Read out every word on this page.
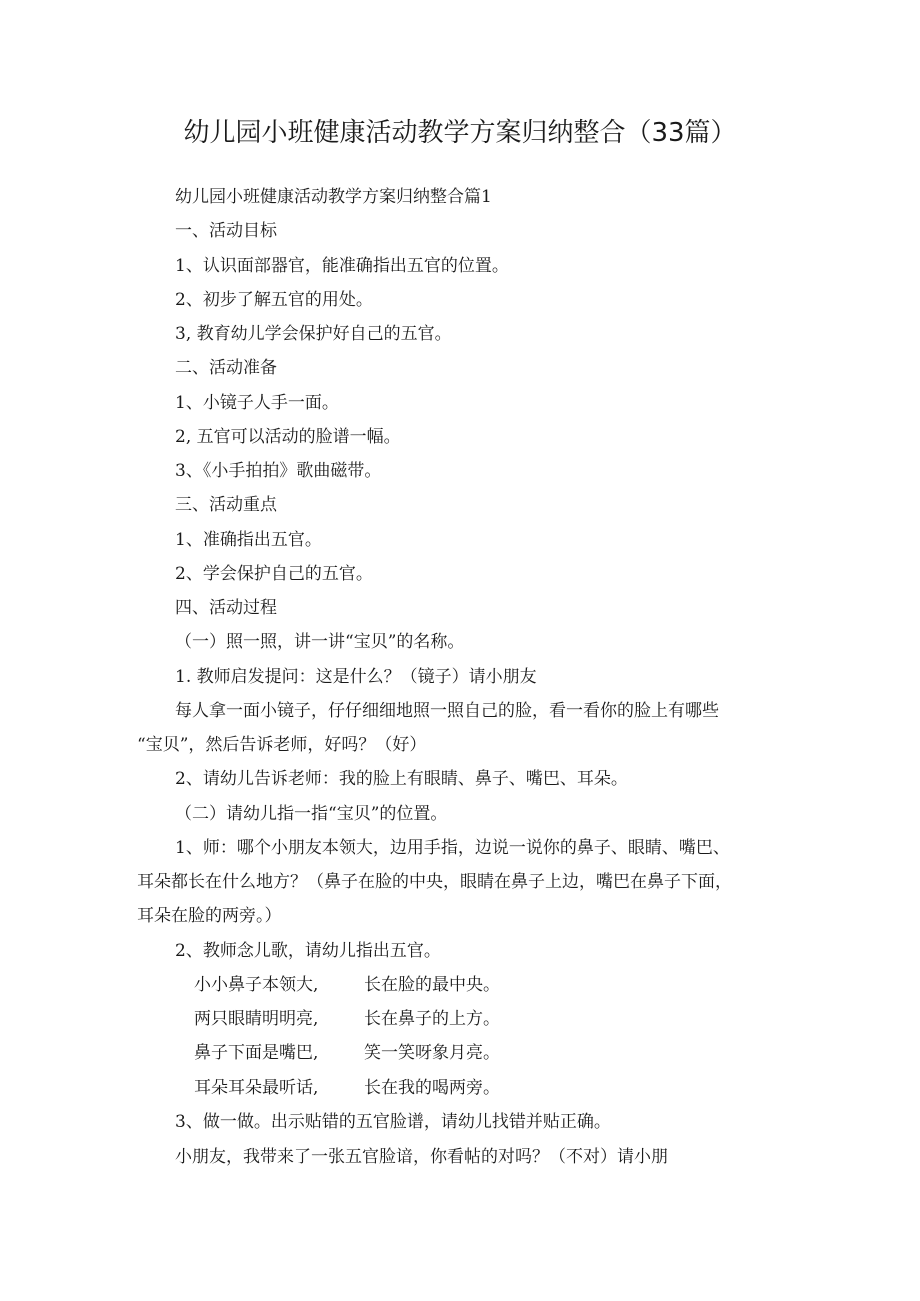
幼儿园小班健康活动教学方案归纳整合（33篇）
幼儿园小班健康活动教学方案归纳整合篇1
一、活动目标
1、认识面部器官，能准确指出五官的位置。
2、初步了解五官的用处。
3, 教育幼儿学会保护好自己的五官。
二、活动准备
1、小镜子人手一面。
2, 五官可以活动的脸谱一幅。
3、《小手拍拍》歌曲磁带。
三、活动重点
1、准确指出五官。
2、学会保护自己的五官。
四、活动过程
（一）照一照，讲一讲“宝贝”的名称。
1. 教师启发提问：这是什么？（镜子）请小朋友
每人拿一面小镜子，仔仔细细地照一照自己的脸，看一看你的脸上有哪些
“宝贝”，然后告诉老师，好吗？（好）
2、请幼儿告诉老师：我的脸上有眼睛、鼻子、嘴巴、耳朵。
（二）请幼儿指一指“宝贝”的位置。
1、师：哪个小朋友本领大，边用手指，边说一说你的鼻子、眼睛、嘴巴、
耳朵都长在什么地方？（鼻子在脸的中央，眼睛在鼻子上边，嘴巴在鼻子下面，
耳朵在脸的两旁。）
2、教师念儿歌，请幼儿指出五官。
小小鼻子本领大,	长在脸的最中央。
两只眼睛明明亮,	长在鼻子的上方。
鼻子下面是嘴巴,	笑一笑呀象月亮。
耳朵耳朵最听话,	长在我的喝两旁。
3、做一做。出示贴错的五官脸谱，请幼儿找错并贴正确。
小朋友，我带来了一张五官脸谙，你看帖的对吗？（不对）请小朋
